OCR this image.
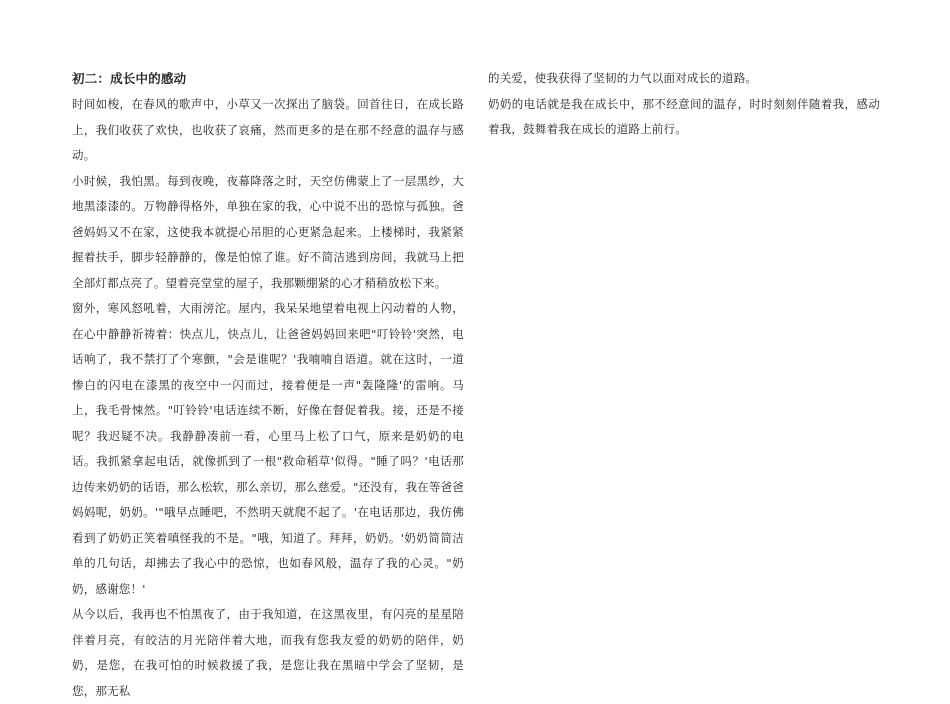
初二：成长中的感动

时间如梭，在春风的歌声中，小草又一次探出了脑袋。回首往日，在成长路上，我们收获了欢快，也收获了哀痛，然而更多的是在那不经意的温存与感动。

小时候，我怕黑。每到夜晚，夜幕降落之时，天空仿佛蒙上了一层黑纱，大地黑漆漆的。万物静得格外，单独在家的我，心中说不出的恐惊与孤独。爸爸妈妈又不在家，这使我本就提心吊胆的心更紧急起来。上楼梯时，我紧紧握着扶手，脚步轻静静的，像是怕惊了谁。好不简洁逃到房间，我就马上把全部灯都点亮了。望着亮堂堂的屋子，我那颗绷紧的心才稍稍放松下来。

窗外，寒风怒吼着，大雨滂沱。屋内，我呆呆地望着电视上闪动着的人物，在心中静静祈祷着：快点儿，快点儿，让爸爸妈妈回来吧"叮铃铃'突然，电话响了，我不禁打了个寒颤，"会是谁呢？'我喃喃自语道。就在这时，一道惨白的闪电在漆黑的夜空中一闪而过，接着便是一声"轰隆隆'的雷响。马上，我毛骨悚然。"叮铃铃'电话连续不断，好像在督促着我。接，还是不接呢？我迟疑不决。我静静凑前一看，心里马上松了口气，原来是奶奶的电话。我抓紧拿起电话，就像抓到了一根"救命稻草'似得。"睡了吗？'电话那边传来奶奶的话语，那么松软，那么亲切，那么慈爱。"还没有，我在等爸爸妈妈呢，奶奶。'"哦早点睡吧，不然明天就爬不起了。'在电话那边，我仿佛看到了奶奶正笑着嗔怪我的不是。"哦，知道了。拜拜，奶奶。'奶奶简简洁单的几句话，却拂去了我心中的恐惊，也如春风般，温存了我的心灵。"奶奶，感谢您！'

从今以后，我再也不怕黑夜了，由于我知道，在这黑夜里，有闪亮的星星陪伴着月亮，有皎洁的月光陪伴着大地，而我有您我友爱的奶奶的陪伴，奶奶，是您，在我可怕的时候救援了我，是您让我在黑暗中学会了坚韧，是您，那无私

的关爱，使我获得了坚韧的力气以面对成长的道路。

奶奶的电话就是我在成长中，那不经意间的温存，时时刻刻伴随着我，感动着我，鼓舞着我在成长的道路上前行。
